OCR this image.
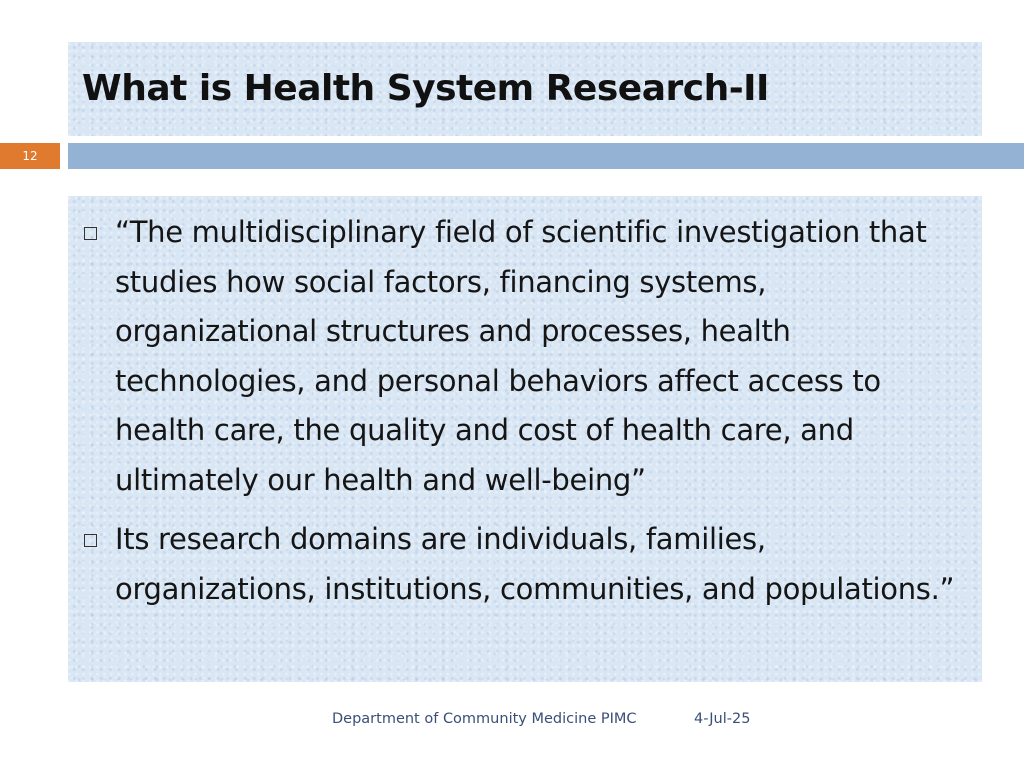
What is Health System Research-II
12
“The multidisciplinary field of scientific investigation that studies how social factors, financing systems, organizational structures and processes, health technologies, and personal behaviors affect access to health care, the quality and cost of health care, and ultimately our health and well-being”
Its research domains are individuals, families, organizations, institutions, communities, and populations.”
Department of Community Medicine PIMC	4-Jul-25
